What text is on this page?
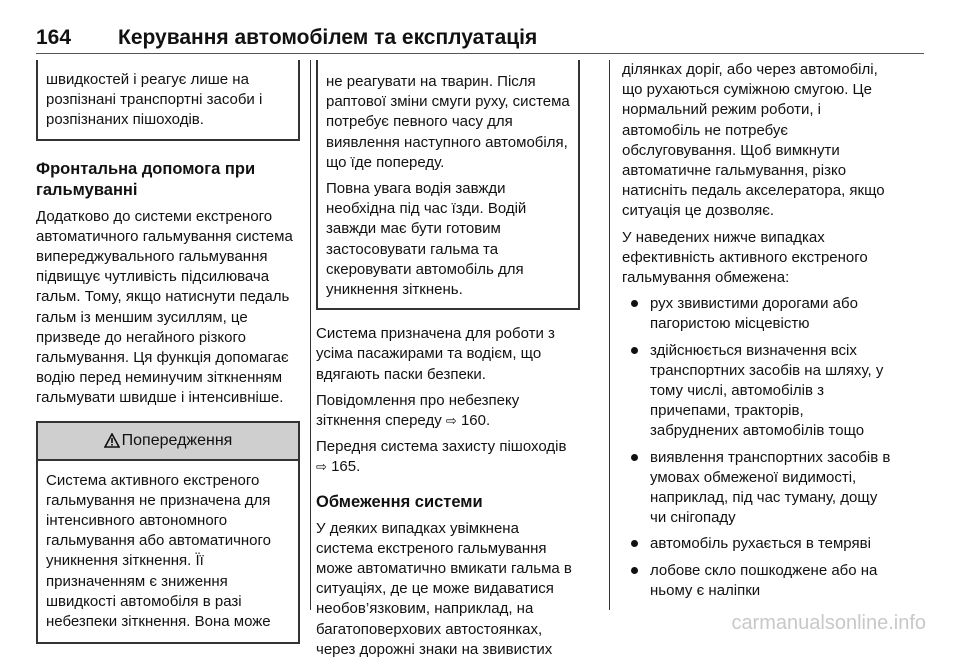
164	Керування автомобілем та експлуатація

швидкостей і реагує лише на розпізнані транспортні засоби і розпізнаних пішоходів.

Фронтальна допомога при гальмуванні

Додатково до системи екстреного автоматичного гальмування система випереджувального гальмування підвищує чутливість підсилювача гальм. Тому, якщо натиснути педаль гальм із меншим зусиллям, це призведе до негайного різкого гальмування. Ця функція допомагає водію перед неминучим зіткненням гальмувати швидше і інтенсивніше.

Попередження

Система активного екстреного гальмування не призначена для інтенсивного автономного гальмування або автоматичного уникнення зіткнення. Її призначенням є зниження швидкості автомобіля в разі небезпеки зіткнення. Вона може

не реагувати на тварин. Після раптової зміни смуги руху, система потребує певного часу для виявлення наступного автомобіля, що їде попереду.

Повна увага водія завжди необхідна під час їзди. Водій завжди має бути готовим застосовувати гальма та скеровувати автомобіль для уникнення зіткнень.

Система призначена для роботи з усіма пасажирами та водієм, що вдягають паски безпеки.

Повідомлення про небезпеку зіткнення спереду ⇨ 160.

Передня система захисту пішоходів ⇨ 165.

Обмеження системи

У деяких випадках увімкнена система екстреного гальмування може автоматично вмикати гальма в ситуаціях, де це може видаватися необов’язковим, наприклад, на багатоповерхових автостоянках, через дорожні знаки на звивистих

ділянках доріг, або через автомобілі, що рухаються суміжною смугою. Це нормальний режим роботи, і автомобіль не потребує обслуговування. Щоб вимкнути автоматичне гальмування, різко натисніть педаль акселератора, якщо ситуація це дозволяє.

У наведених нижче випадках ефективність активного екстреного гальмування обмежена:

рух звивистими дорогами або пагористою місцевістю
здійснюється визначення всіх транспортних засобів на шляху, у тому числі, автомобілів з причепами, тракторів, забруднених автомобілів тощо
виявлення транспортних засобів в умовах обмеженої видимості, наприклад, під час туману, дощу чи снігопаду
автомобіль рухається в темряві
лобове скло пошкоджене або на ньому є наліпки
carmanualsonline.info
